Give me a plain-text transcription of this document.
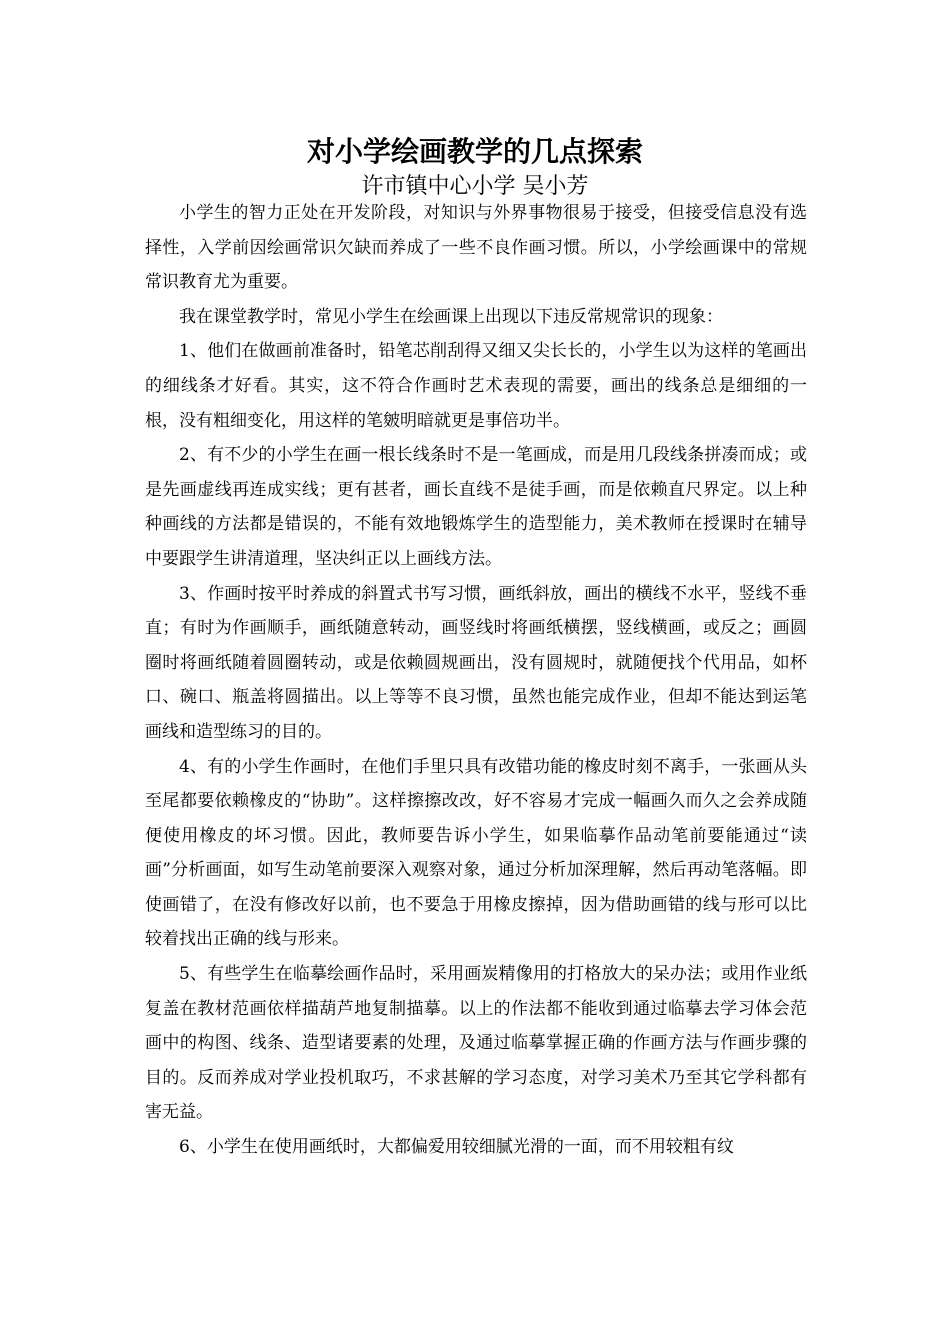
对小学绘画教学的几点探索
许市镇中心小学 吴小芳

小学生的智力正处在开发阶段，对知识与外界事物很易于接受，但接受信息没有选择性，入学前因绘画常识欠缺而养成了一些不良作画习惯。所以，小学绘画课中的常规常识教育尤为重要。

我在课堂教学时，常见小学生在绘画课上出现以下违反常规常识的现象：

1、他们在做画前准备时，铅笔芯削刮得又细又尖长长的，小学生以为这样的笔画出的细线条才好看。其实，这不符合作画时艺术表现的需要，画出的线条总是细细的一根，没有粗细变化，用这样的笔皴明暗就更是事倍功半。

2、有不少的小学生在画一根长线条时不是一笔画成，而是用几段线条拼凑而成；或是先画虚线再连成实线；更有甚者，画长直线不是徒手画，而是依赖直尺界定。以上种种画线的方法都是错误的，不能有效地锻炼学生的造型能力，美术教师在授课时在辅导中要跟学生讲清道理，坚决纠正以上画线方法。

3、作画时按平时养成的斜置式书写习惯，画纸斜放，画出的横线不水平，竖线不垂直；有时为作画顺手，画纸随意转动，画竖线时将画纸横摆，竖线横画，或反之；画圆圈时将画纸随着圆圈转动，或是依赖圆规画出，没有圆规时，就随便找个代用品，如杯口、碗口、瓶盖将圆描出。以上等等不良习惯，虽然也能完成作业，但却不能达到运笔画线和造型练习的目的。

4、有的小学生作画时，在他们手里只具有改错功能的橡皮时刻不离手，一张画从头至尾都要依赖橡皮的“协助”。这样擦擦改改，好不容易才完成一幅画久而久之会养成随便使用橡皮的坏习惯。因此，教师要告诉小学生，如果临摹作品动笔前要能通过“读画”分析画面，如写生动笔前要深入观察对象，通过分析加深理解，然后再动笔落幅。即使画错了，在没有修改好以前，也不要急于用橡皮擦掉，因为借助画错的线与形可以比较着找出正确的线与形来。

5、有些学生在临摹绘画作品时，采用画炭精像用的打格放大的呆办法；或用作业纸复盖在教材范画依样描葫芦地复制描摹。以上的作法都不能收到通过临摹去学习体会范画中的构图、线条、造型诸要素的处理，及通过临摹掌握正确的作画方法与作画步骤的目的。反而养成对学业投机取巧，不求甚解的学习态度，对学习美术乃至其它学科都有害无益。

6、小学生在使用画纸时，大都偏爱用较细腻光滑的一面，而不用较粗有纹
